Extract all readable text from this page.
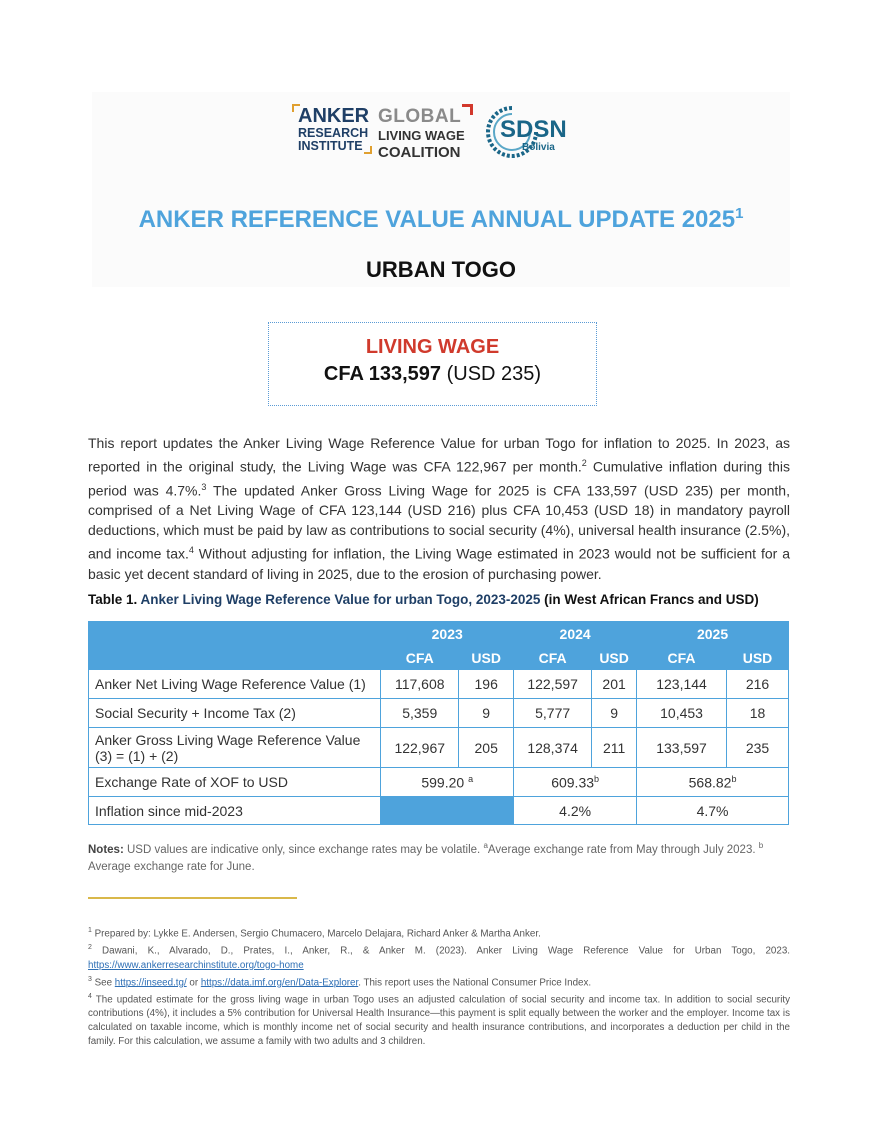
ANKER
RESEARCH
INSTITUTE
GLOBAL
LIVING WAGE
COALITION
SDSN
Bolivia
ANKER REFERENCE VALUE ANNUAL UPDATE 2025$^1$
URBAN TOGO
LIVING WAGE
CFA 133,597 (USD 235)
This report updates the Anker Living Wage Reference Value for urban Togo for inflation to 2025. In 2023, as reported in the original study, the Living Wage was CFA 122,967 per month.$^2$ Cumulative inflation during this period was 4.7%.$^3$ The updated Anker Gross Living Wage for 2025 is CFA 133,597 (USD 235) per month, comprised of a Net Living Wage of CFA 123,144 (USD 216) plus CFA 10,453 (USD 18) in mandatory payroll deductions, which must be paid by law as contributions to social security (4%), universal health insurance (2.5%), and income tax.$^4$ Without adjusting for inflation, the Living Wage estimated in 2023 would not be sufficient for a basic yet decent standard of living in 2025, due to the erosion of purchasing power.
Table 1. Anker Living Wage Reference Value for urban Togo, 2023-2025 (in West African Francs and USD)
	2023		2024		2025	
	CFA	USD	CFA	USD	CFA	USD
Anker Net Living Wage Reference Value (1)	117,608	196	122,597	201	123,144	216
Social Security + Income Tax (2)	5,359	9	5,777	9	10,453	18
Anker Gross Living Wage Reference Value (3) = (1) + (2)	122,967	205	128,374	211	133,597	235
Exchange Rate of XOF to USD	599.20 $^a$		609.33$^b$		568.82$^b$
Inflation since mid-2023			4.2%		4.7%	
Notes: USD values are indicative only, since exchange rates may be volatile. $^a$Average exchange rate from May through July 2023. $^b$ Average exchange rate for June.

$^1$ Prepared by: Lykke E. Andersen, Sergio Chumacero, Marcelo Delajara, Richard Anker & Martha Anker.

$^2$ Dawani, K., Alvarado, D., Prates, I., Anker, R., & Anker M. (2023). Anker Living Wage Reference Value for Urban Togo, 2023. https://www.ankerresearchinstitute.org/togo-home

$^3$ See https://inseed.tg/ or https://data.imf.org/en/Data-Explorer. This report uses the National Consumer Price Index.

$^4$ The updated estimate for the gross living wage in urban Togo uses an adjusted calculation of social security and income tax. In addition to social security contributions (4%), it includes a 5% contribution for Universal Health Insurance—this payment is split equally between the worker and the employer. Income tax is calculated on taxable income, which is monthly income net of social security and health insurance contributions, and incorporates a deduction per child in the family. For this calculation, we assume a family with two adults and 3 children.
